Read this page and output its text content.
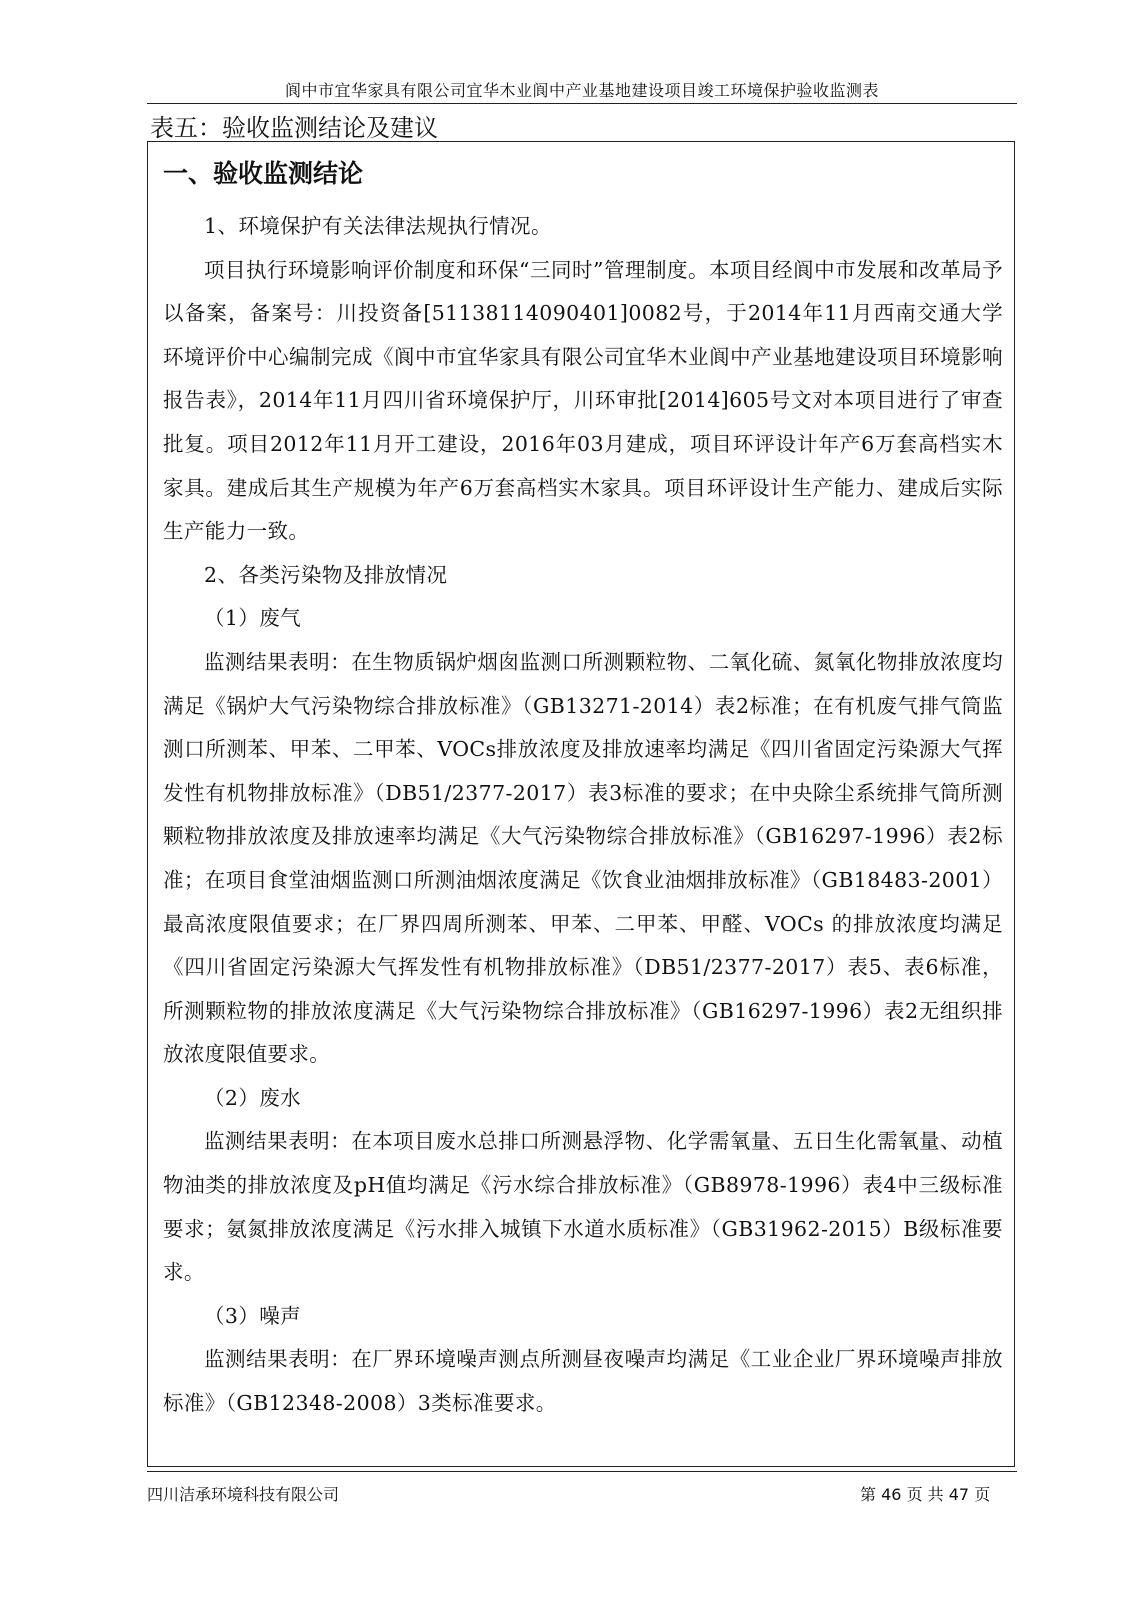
阆中市宜华家具有限公司宜华木业阆中产业基地建设项目竣工环境保护验收监测表
表五：验收监测结论及建议
一、验收监测结论

1、环境保护有关法律法规执行情况。

项目执行环境影响评价制度和环保“三同时”管理制度。本项目经阆中市发展和改革局予以备案，备案号：川投资备[51138114090401]0082号，于2014年11月西南交通大学环境评价中心编制完成《阆中市宜华家具有限公司宜华木业阆中产业基地建设项目环境影响报告表》，2014年11月四川省环境保护厅，川环审批[2014]605号文对本项目进行了审查批复。项目2012年11月开工建设，2016年03月建成，项目环评设计年产6万套高档实木家具。建成后其生产规模为年产6万套高档实木家具。项目环评设计生产能力、建成后实际生产能力一致。

2、各类污染物及排放情况

（1）废气

监测结果表明：在生物质锅炉烟囱监测口所测颗粒物、二氧化硫、氮氧化物排放浓度均满足《锅炉大气污染物综合排放标准》（GB13271-2014）表2标准；在有机废气排气筒监测口所测苯、甲苯、二甲苯、VOCs排放浓度及排放速率均满足《四川省固定污染源大气挥发性有机物排放标准》（DB51/2377-2017）表3标准的要求；在中央除尘系统排气筒所测颗粒物排放浓度及排放速率均满足《大气污染物综合排放标准》（GB16297-1996）表2标准；在项目食堂油烟监测口所测油烟浓度满足《饮食业油烟排放标准》（GB18483-2001）最高浓度限值要求；在厂界四周所测苯、甲苯、二甲苯、甲醛、VOCs 的排放浓度均满足《四川省固定污染源大气挥发性有机物排放标准》（DB51/2377-2017）表5、表6标准，所测颗粒物的排放浓度满足《大气污染物综合排放标准》（GB16297-1996）表2无组织排放浓度限值要求。

（2）废水

监测结果表明：在本项目废水总排口所测悬浮物、化学需氧量、五日生化需氧量、动植物油类的排放浓度及pH值均满足《污水综合排放标准》（GB8978-1996）表4中三级标准要求；氨氮排放浓度满足《污水排入城镇下水道水质标准》（GB31962-2015）B级标准要求。

（3）噪声

监测结果表明：在厂界环境噪声测点所测昼夜噪声均满足《工业企业厂界环境噪声排放标准》（GB12348-2008）3类标准要求。

四川洁承环境科技有限公司	第 46 页 共 47 页
